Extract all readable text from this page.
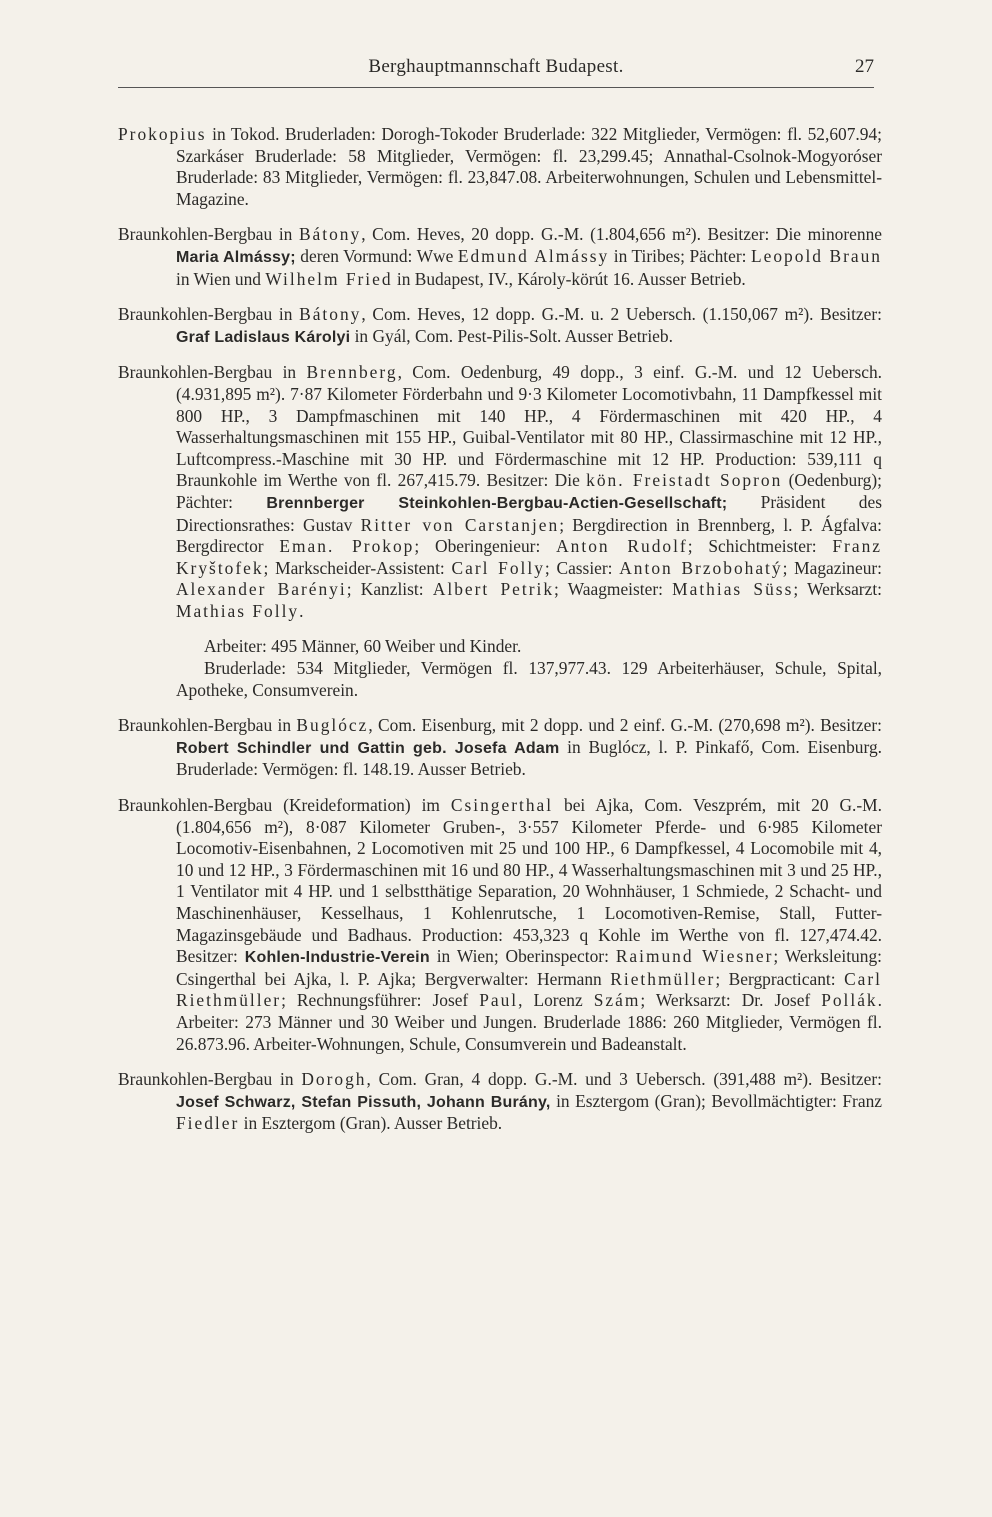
Berghauptmannschaft Budapest.	27

Prokopius in Tokod. Bruderladen: Dorogh-Tokoder Bruderlade: 322 Mitglieder, Vermögen: fl. 52,607.94; Szarkáser Bruderlade: 58 Mitglieder, Vermögen: fl. 23,299.45; Annathal-Csolnok-Mogyoróser Bruderlade: 83 Mitglieder, Vermögen: fl. 23,847.08. Arbeiterwohnungen, Schulen und Lebensmittel-Magazine.

Braunkohlen-Bergbau in Bátony, Com. Heves, 20 dopp. G.-M. (1.804,656 m²). Besitzer: Die minorenne Maria Almássy; deren Vormund: Wwe Edmund Almássy in Tiribes; Pächter: Leopold Braun in Wien und Wilhelm Fried in Budapest, IV., Károly-körút 16. Ausser Betrieb.

Braunkohlen-Bergbau in Bátony, Com. Heves, 12 dopp. G.-M. u. 2 Uebersch. (1.150,067 m²). Besitzer: Graf Ladislaus Károlyi in Gyál, Com. Pest-Pilis-Solt. Ausser Betrieb.

Braunkohlen-Bergbau in Brennberg, Com. Oedenburg, 49 dopp., 3 einf. G.-M. und 12 Uebersch. (4.931,895 m²). 7·87 Kilometer Förderbahn und 9·3 Kilometer Locomotivbahn, 11 Dampfkessel mit 800 HP., 3 Dampfmaschinen mit 140 HP., 4 Fördermaschinen mit 420 HP., 4 Wasserhaltungsmaschinen mit 155 HP., Guibal-Ventilator mit 80 HP., Classirmaschine mit 12 HP., Luftcompress.-Maschine mit 30 HP. und Fördermaschine mit 12 HP. Production: 539,111 q Braunkohle im Werthe von fl. 267,415.79. Besitzer: Die kön. Freistadt Sopron (Oedenburg); Pächter: Brennberger Steinkohlen-Bergbau-Actien-Gesellschaft; Präsident des Directionsrathes: Gustav Ritter von Carstanjen; Bergdirection in Brennberg, l. P. Ágfalva: Bergdirector Eman. Prokop; Oberingenieur: Anton Rudolf; Schichtmeister: Franz Kryštofek; Markscheider-Assistent: Carl Folly; Cassier: Anton Brzobohatý; Magazineur: Alexander Barényi; Kanzlist: Albert Petrik; Waagmeister: Mathias Süss; Werksarzt: Mathias Folly.

Arbeiter: 495 Männer, 60 Weiber und Kinder.

Bruderlade: 534 Mitglieder, Vermögen fl. 137,977.43. 129 Arbeiterhäuser, Schule, Spital, Apotheke, Consumverein.

Braunkohlen-Bergbau in Buglócz, Com. Eisenburg, mit 2 dopp. und 2 einf. G.-M. (270,698 m²). Besitzer: Robert Schindler und Gattin geb. Josefa Adam in Buglócz, l. P. Pinkafő, Com. Eisenburg. Bruderlade: Vermögen: fl. 148.19. Ausser Betrieb.

Braunkohlen-Bergbau (Kreideformation) im Csingerthal bei Ajka, Com. Veszprém, mit 20 G.-M. (1.804,656 m²), 8·087 Kilometer Gruben-, 3·557 Kilometer Pferde- und 6·985 Kilometer Locomotiv-Eisenbahnen, 2 Locomotiven mit 25 und 100 HP., 6 Dampfkessel, 4 Locomobile mit 4, 10 und 12 HP., 3 Fördermaschinen mit 16 und 80 HP., 4 Wasserhaltungsmaschinen mit 3 und 25 HP., 1 Ventilator mit 4 HP. und 1 selbstthätige Separation, 20 Wohnhäuser, 1 Schmiede, 2 Schacht- und Maschinenhäuser, Kesselhaus, 1 Kohlenrutsche, 1 Locomotiven-Remise, Stall, Futter-Magazinsgebäude und Badhaus. Production: 453,323 q Kohle im Werthe von fl. 127,474.42. Besitzer: Kohlen-Industrie-Verein in Wien; Oberinspector: Raimund Wiesner; Werksleitung: Csingerthal bei Ajka, l. P. Ajka; Bergverwalter: Hermann Riethmüller; Bergpracticant: Carl Riethmüller; Rechnungsführer: Josef Paul, Lorenz Szám; Werksarzt: Dr. Josef Pollák. Arbeiter: 273 Männer und 30 Weiber und Jungen. Bruderlade 1886: 260 Mitglieder, Vermögen fl. 26.873.96. Arbeiter-Wohnungen, Schule, Consumverein und Badeanstalt.

Braunkohlen-Bergbau in Dorogh, Com. Gran, 4 dopp. G.-M. und 3 Uebersch. (391,488 m²). Besitzer: Josef Schwarz, Stefan Pissuth, Johann Burány, in Esztergom (Gran); Bevollmächtigter: Franz Fiedler in Esztergom (Gran). Ausser Betrieb.
